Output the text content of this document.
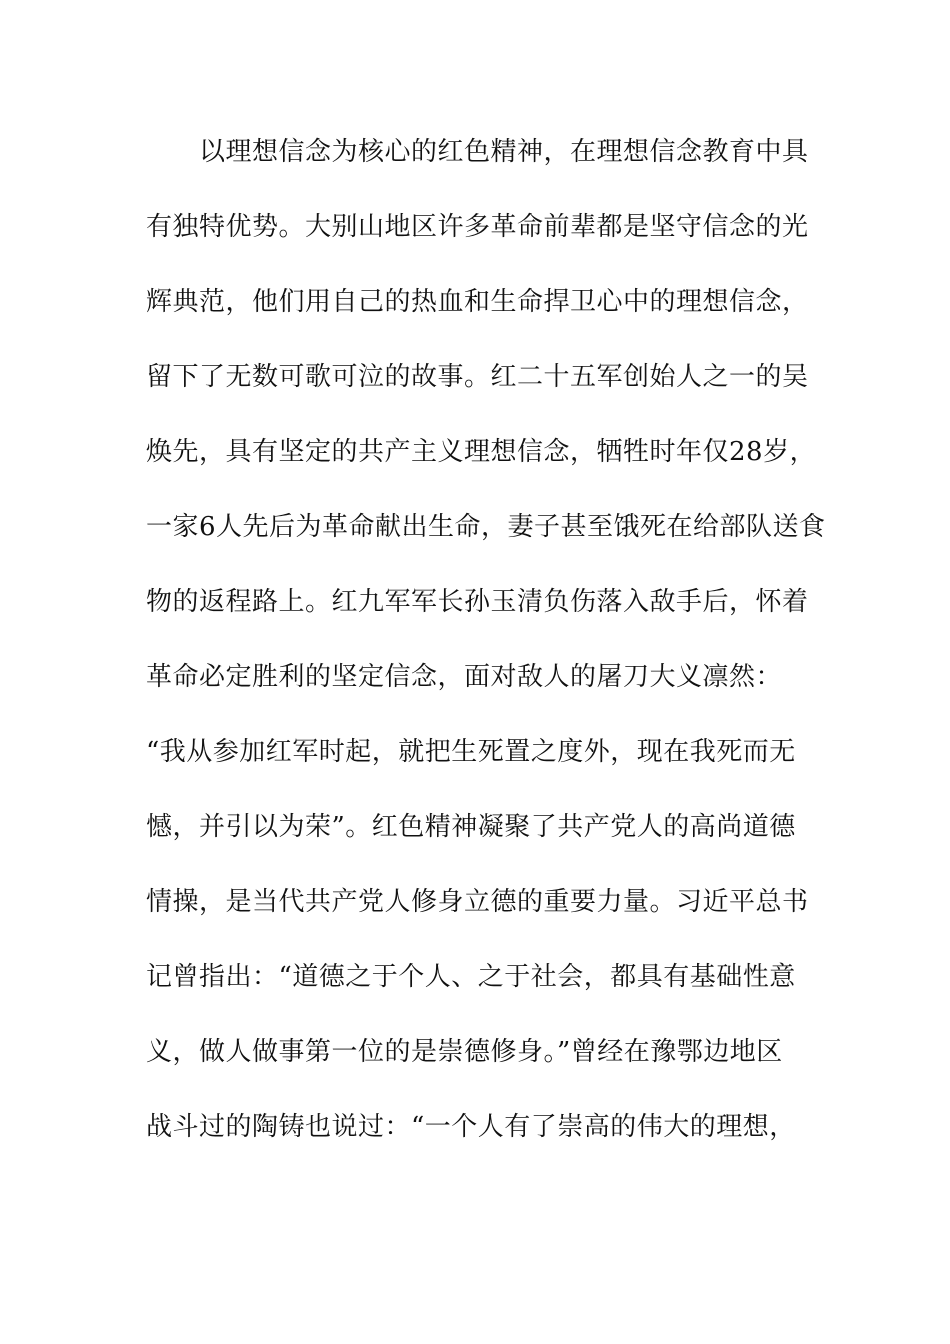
以理想信念为核心的红色精神，在理想信念教育中具
有独特优势。大别山地区许多革命前辈都是坚守信念的光
辉典范，他们用自己的热血和生命捍卫心中的理想信念，
留下了无数可歌可泣的故事。红二十五军创始人之一的吴
焕先，具有坚定的共产主义理想信念，牺牲时年仅28岁，
一家6人先后为革命献出生命，妻子甚至饿死在给部队送食
物的返程路上。红九军军长孙玉清负伤落入敌手后，怀着
革命必定胜利的坚定信念，面对敌人的屠刀大义凛然：
“我从参加红军时起，就把生死置之度外，现在我死而无
憾，并引以为荣”。红色精神凝聚了共产党人的高尚道德
情操，是当代共产党人修身立德的重要力量。习近平总书
记曾指出：“道德之于个人、之于社会，都具有基础性意
义，做人做事第一位的是崇德修身。”曾经在豫鄂边地区
战斗过的陶铸也说过：“一个人有了崇高的伟大的理想，
